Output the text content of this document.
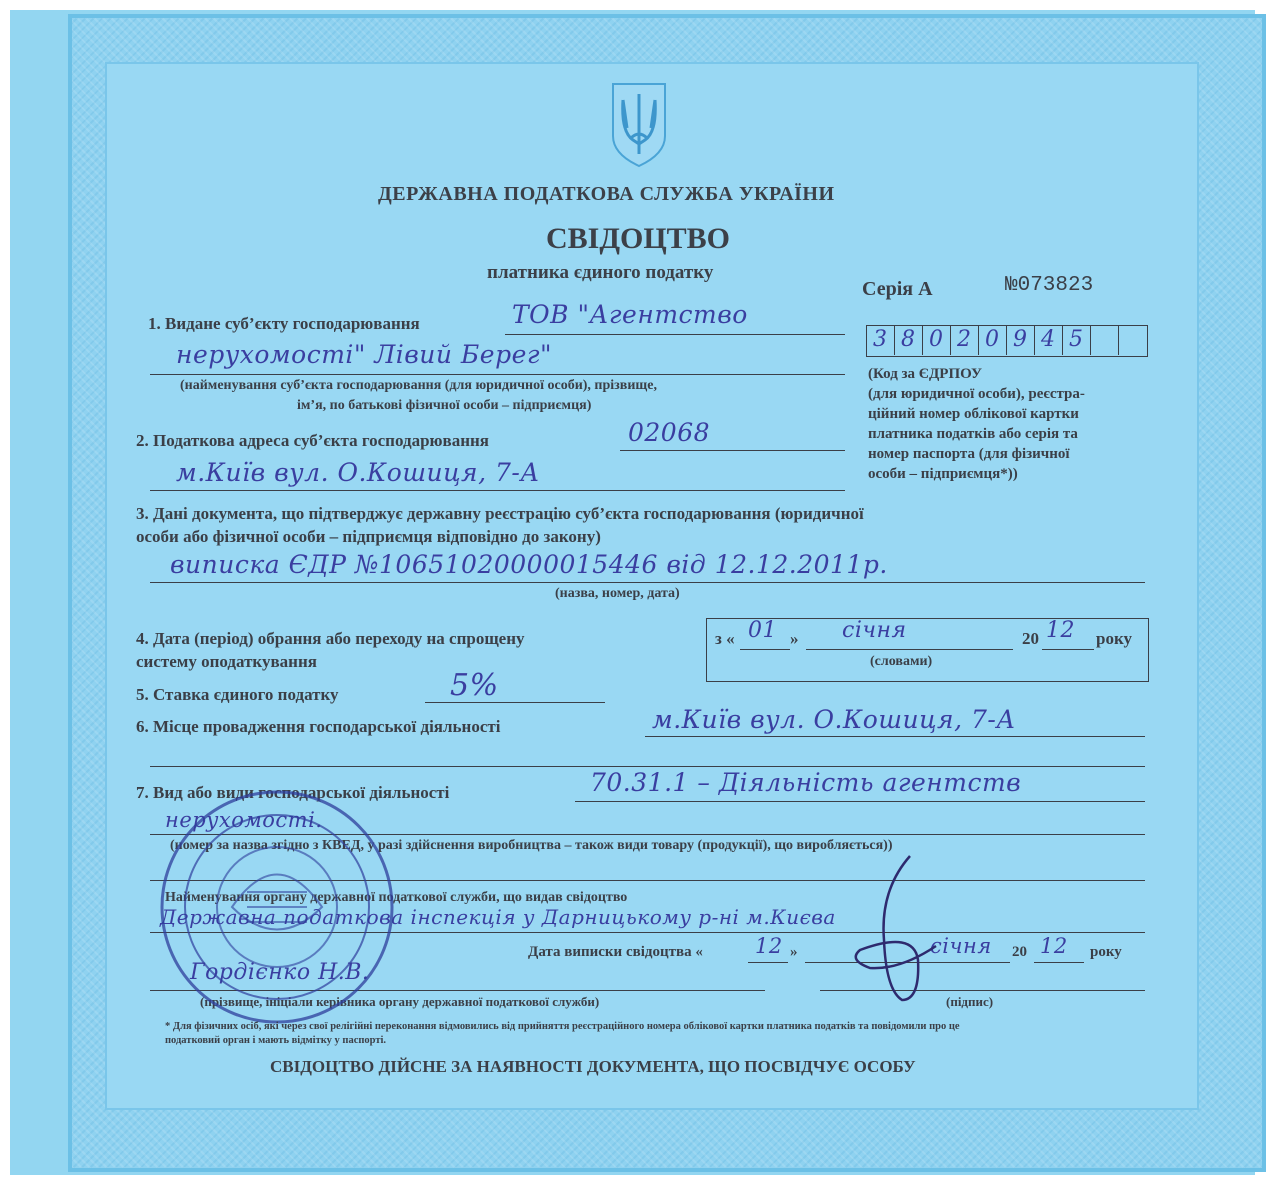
ДЕРЖАВНА ПОДАТКОВА СЛУЖБА УКРАЇНИ
СВІДОЦТВО
платника єдиного податку
Серія А	№073823
1. Видане суб’єкту господарювання	ТОВ "Агентство
нерухомості" Лівий Берег"
(найменування суб’єкта господарювання (для юридичної особи), прізвище,
ім’я, по батькові фізичної особи – підприємця)
3 8 0 2 0 9 4 5
(Код за ЄДРПОУ
(для юридичної особи), реєстра-
ційний номер облікової картки
платника податків або серія та
номер паспорта (для фізичної
особи – підприємця*))
2. Податкова адреса суб’єкта господарювання	02068
м.Київ вул. О.Кошиця, 7-А
3. Дані документа, що підтверджує державну реєстрацію суб’єкта господарювання (юридичної
особи або фізичної особи – підприємця відповідно до закону)
виписка ЄДР №10651020000015446 від 12.12.2011р.
(назва, номер, дата)
4. Дата (період) обрання або переходу на спрощену
систему оподаткування
з « 01 » січня	20 12 року
(словами)
5. Ставка єдиного податку	5%
6. Місце провадження господарської діяльності	м.Київ вул. О.Кошиця, 7-А
7. Вид або види господарської діяльності	70.31.1 – Діяльність агентств
нерухомості.
(номер за назва згідно з КВЕД, у разі здійснення виробництва – також види товару (продукції), що виробляється))
Найменування органу державної податкової служби, що видав свідоцтво
Державна податкова інспекція у Дарницькому р-ні м.Києва
Дата виписки свідоцтва « 12 »	січня 20 12 року
Гордієнко Н.В.
(прізвище, ініціали керівника органу державної податкової служби)	(підпис)
* Для фізичних осіб, які через свої релігійні переконання відмовились від прийняття реєстраційного номера облікової картки платника податків та повідомили про це
податковий орган і мають відмітку у паспорті.
СВІДОЦТВО ДІЙСНЕ ЗА НАЯВНОСТІ ДОКУМЕНТА, ЩО ПОСВІДЧУЄ ОСОБУ
